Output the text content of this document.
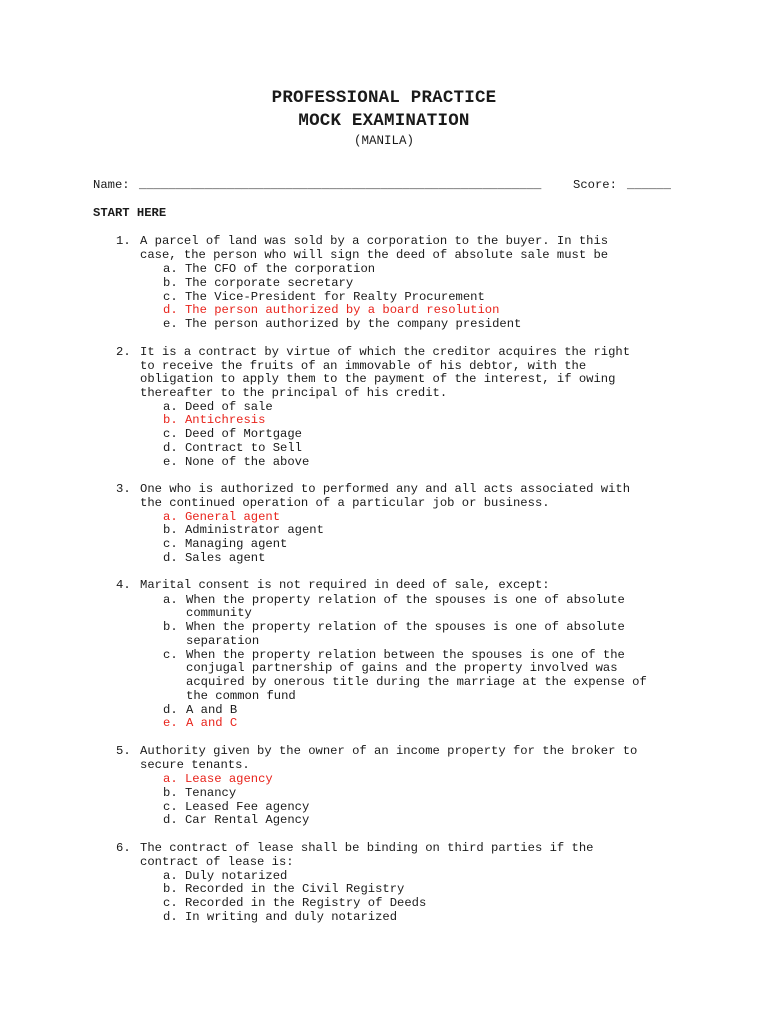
PROFESSIONAL PRACTICE
MOCK EXAMINATION
(MANILA)
Name: _______________________________________________________	Score: ______
START HERE
1. A parcel of land was sold by a corporation to the buyer. In this
case, the person who will sign the deed of absolute sale must be
a. The CFO of the corporation
b. The corporate secretary
c. The Vice-President for Realty Procurement
d. The person authorized by a board resolution
e. The person authorized by the company president
2. It is a contract by virtue of which the creditor acquires the right
to receive the fruits of an immovable of his debtor, with the
obligation to apply them to the payment of the interest, if owing
thereafter to the principal of his credit.
a. Deed of sale
b. Antichresis
c. Deed of Mortgage
d. Contract to Sell
e. None of the above
3. One who is authorized to performed any and all acts associated with
the continued operation of a particular job or business.
a. General agent
b. Administrator agent
c. Managing agent
d. Sales agent
4. Marital consent is not required in deed of sale, except:
a. When the property relation of the spouses is one of absolute
community
b. When the property relation of the spouses is one of absolute
separation
c. When the property relation between the spouses is one of the
conjugal partnership of gains and the property involved was
acquired by onerous title during the marriage at the expense of
the common fund
d. A and B
e. A and C
5. Authority given by the owner of an income property for the broker to
secure tenants.
a. Lease agency
b. Tenancy
c. Leased Fee agency
d. Car Rental Agency
6. The contract of lease shall be binding on third parties if the
contract of lease is:
a. Duly notarized
b. Recorded in the Civil Registry
c. Recorded in the Registry of Deeds
d. In writing and duly notarized
